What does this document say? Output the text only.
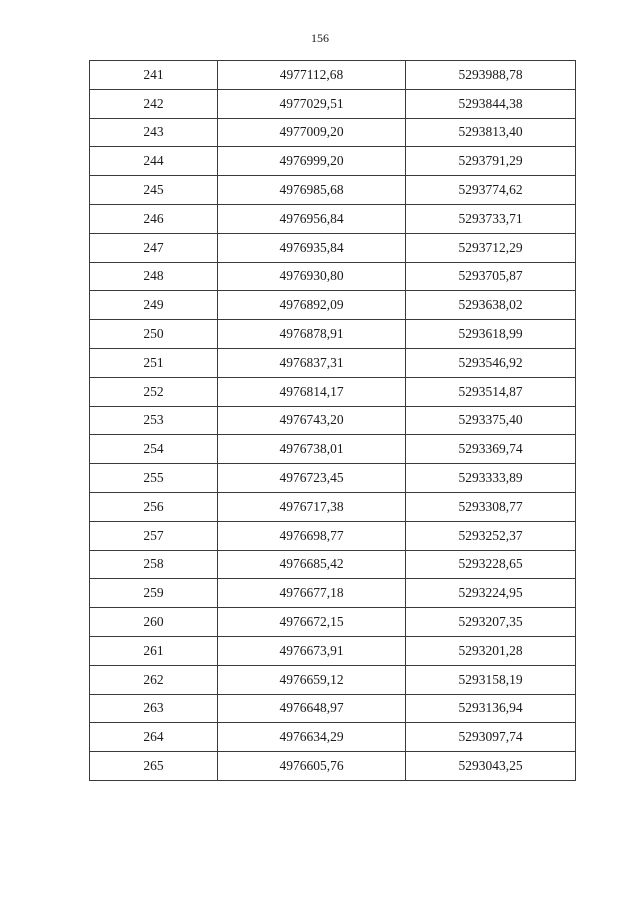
156
241	4977112,68	5293988,78
242	4977029,51	5293844,38
243	4977009,20	5293813,40
244	4976999,20	5293791,29
245	4976985,68	5293774,62
246	4976956,84	5293733,71
247	4976935,84	5293712,29
248	4976930,80	5293705,87
249	4976892,09	5293638,02
250	4976878,91	5293618,99
251	4976837,31	5293546,92
252	4976814,17	5293514,87
253	4976743,20	5293375,40
254	4976738,01	5293369,74
255	4976723,45	5293333,89
256	4976717,38	5293308,77
257	4976698,77	5293252,37
258	4976685,42	5293228,65
259	4976677,18	5293224,95
260	4976672,15	5293207,35
261	4976673,91	5293201,28
262	4976659,12	5293158,19
263	4976648,97	5293136,94
264	4976634,29	5293097,74
265	4976605,76	5293043,25
